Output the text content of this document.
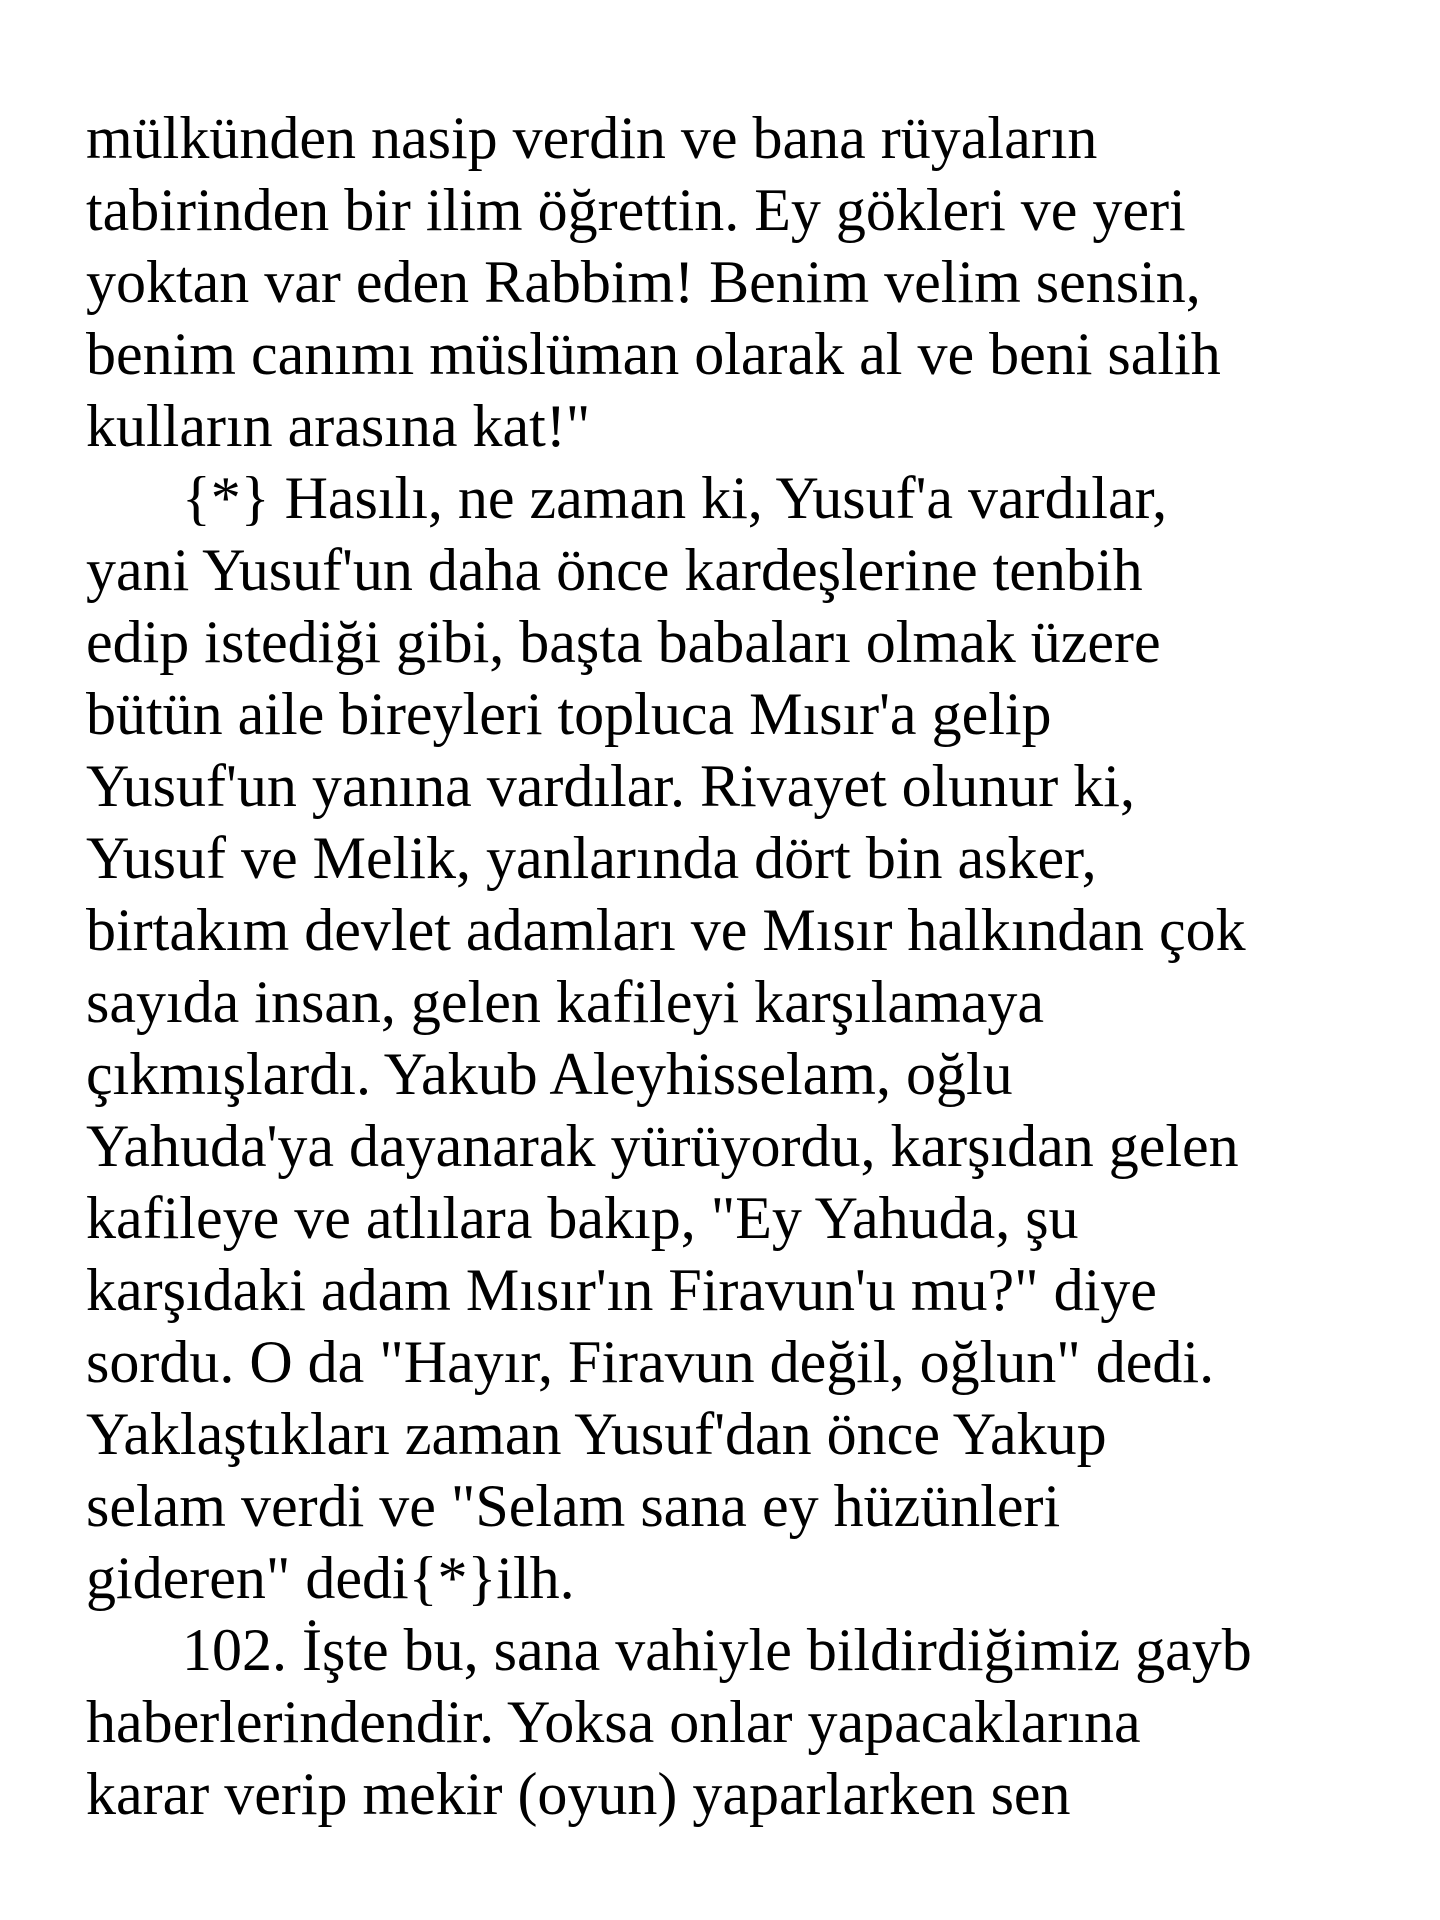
mülkünden nasip verdin ve bana rüyaların

tabirinden bir ilim öğrettin. Ey gökleri ve yeri

yoktan var eden Rabbim! Benim velim sensin,

benim canımı müslüman olarak al ve beni salih

kulların arasına kat!"

{*} Hasılı, ne zaman ki, Yusuf'a vardılar,

yani Yusuf'un daha önce kardeşlerine tenbih

edip istediği gibi, başta babaları olmak üzere

bütün aile bireyleri topluca Mısır'a gelip

Yusuf'un yanına vardılar. Rivayet olunur ki,

Yusuf ve Melik, yanlarında dört bin asker,

birtakım devlet adamları ve Mısır halkından çok

sayıda insan, gelen kafileyi karşılamaya

çıkmışlardı. Yakub Aleyhisselam, oğlu

Yahuda'ya dayanarak yürüyordu, karşıdan gelen

kafileye ve atlılara bakıp, "Ey Yahuda, şu

karşıdaki adam Mısır'ın Firavun'u mu?" diye

sordu. O da "Hayır, Firavun değil, oğlun" dedi.

Yaklaştıkları zaman Yusuf'dan önce Yakup

selam verdi ve "Selam sana ey hüzünleri

gideren" dedi{*}ilh.

102. İşte bu, sana vahiyle bildirdiğimiz gayb

haberlerindendir. Yoksa onlar yapacaklarına

karar verip mekir (oyun) yaparlarken sen
